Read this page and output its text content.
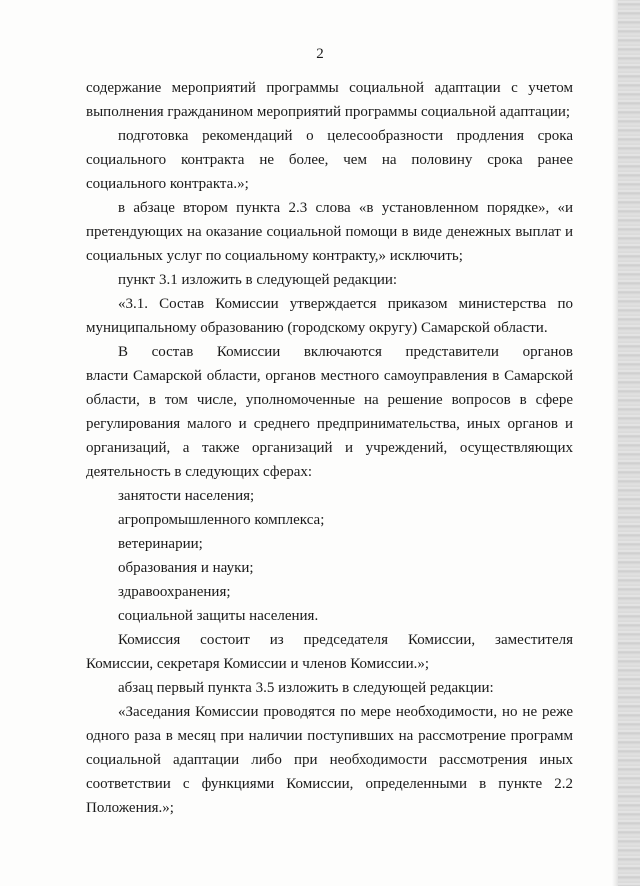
2
содержание мероприятий программы социальной адаптации с учетом
выполнения гражданином мероприятий программы социальной адаптации;
подготовка рекомендаций о целесообразности продления срока
социального контракта не более, чем на половину срока ранее
социального контракта.»;
в абзаце втором пункта 2.3 слова «в установленном порядке», «и
претендующих на оказание социальной помощи в виде денежных выплат и
социальных услуг по социальному контракту,» исключить;
пункт 3.1 изложить в следующей редакции:
«3.1. Состав Комиссии утверждается приказом министерства по
муниципальному образованию (городскому округу) Самарской области.
В состав Комиссии включаются представители органов
власти Самарской области, органов местного самоуправления в Самарской
области, в том числе, уполномоченные на решение вопросов в сфере
регулирования малого и среднего предпринимательства, иных органов и
организаций, а также организаций и учреждений, осуществляющих
деятельность в следующих сферах:
занятости населения;
агропромышленного комплекса;
ветеринарии;
образования и науки;
здравоохранения;
социальной защиты населения.
Комиссия состоит из председателя Комиссии, заместителя
Комиссии, секретаря Комиссии и членов Комиссии.»;
абзац первый пункта 3.5 изложить в следующей редакции:
«Заседания Комиссии проводятся по мере необходимости, но не реже
одного раза в месяц при наличии поступивших на рассмотрение программ
социальной адаптации либо при необходимости рассмотрения иных
соответствии с функциями Комиссии, определенными в пункте 2.2
Положения.»;
